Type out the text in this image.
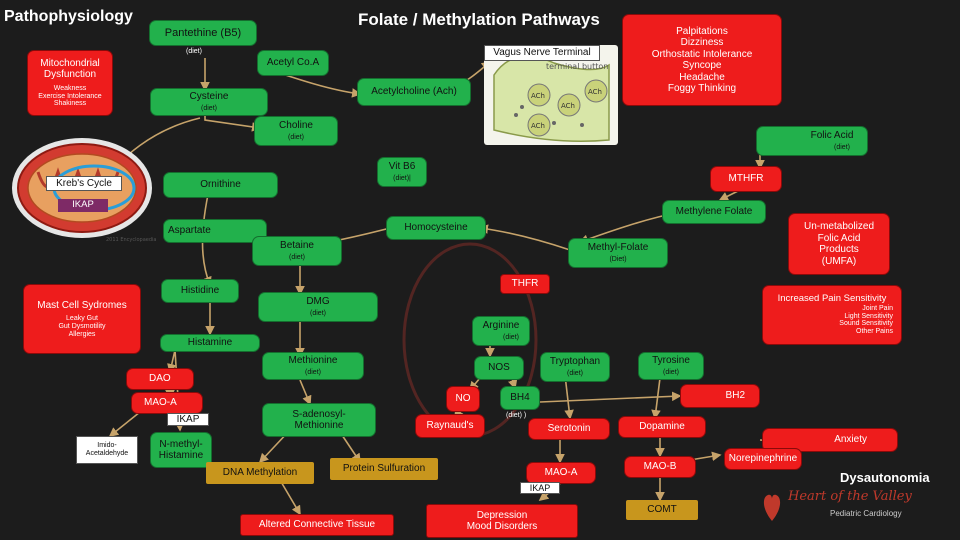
Pathophysiology	Folate / Methylation Pathways
Pantethine (B5)
(diet)
Acetyl Co.A
Mitochondrial Dysfunction
Weakness
Exercise Intolerance
Shakiness
Cysteine
(diet)
Acetylcholine (Ach)	ACh
ACh
ACh
ACh
terminal button
Vagus Nerve Terminal
Palpitations
Dizziness
Orthostatic Intolerance
Syncope
Headache
Foggy Thinking
Choline
(diet)	Folic Acid
(diet)
2011 Encyclopaedia
Kreb's Cycle
IKAP
Vit B6
(diet)|
Ornithine
MTHFR
Methylene Folate
Un-metabolized
Folic Acid
Products
(UMFA)
Homocysteine
Aspartate
Betaine
(diet)
Methyl-Folate
(Diet)
THFR
Histidine
Mast Cell Sydromes
Leaky Gut
Gut Dysmotility
Allergies
Increased Pain Sensitivity
Joint Pain
Light Sensitivity
Sound Sensitivity
Other Pains
DMG
(diet)
Arginine
(diet)
Histamine
Methionine
(diet)	NOS
Tryptophan
(diet)
Tyrosine
(diet)
DAO
NO	BH4
(diet) )
BH2
MAO-A
S-adenosyl-Methionine
IKAP
Raynaud's	Serotonin	Dopamine
Anxiety
Imido-Acetaldehyde
N-methyl-Histamine
DNA Methylation	Protein Sulfuration	MAO-A
MAO-B
Norepinephrine
Dysautonomia
IKAP
Heart of the Valley
Pediatric Cardiology
COMT
Depression
Mood Disorders
Altered Connective Tissue
